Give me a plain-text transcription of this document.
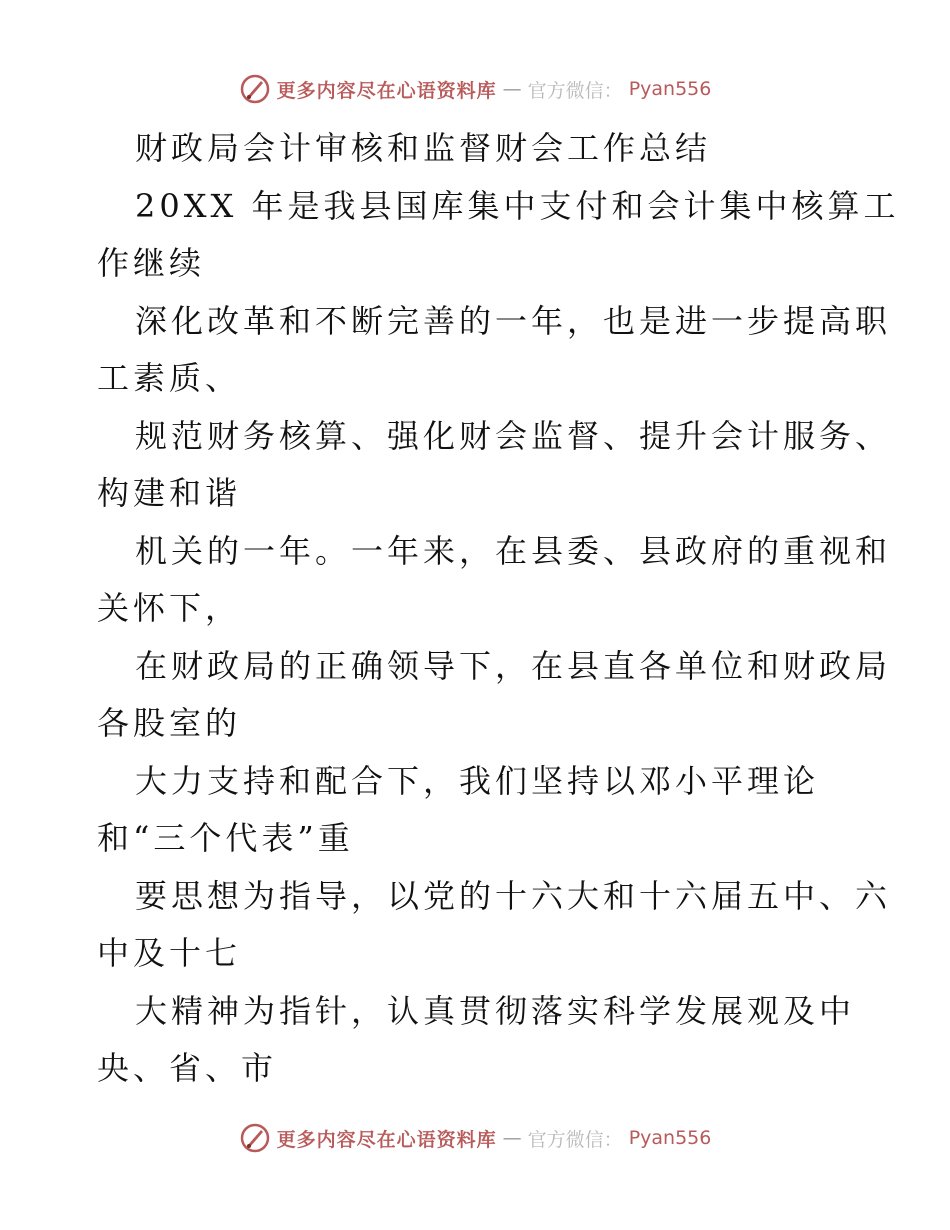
更多内容尽在心语资料库 — 官方微信： Pyan556
财政局会计审核和监督财会工作总结
20XX 年是我县国库集中支付和会计集中核算工
作继续
深化改革和不断完善的一年，也是进一步提高职
工素质、
规范财务核算、强化财会监督、提升会计服务、
构建和谐
机关的一年。一年来，在县委、县政府的重视和
关怀下，
在财政局的正确领导下，在县直各单位和财政局
各股室的
大力支持和配合下，我们坚持以邓小平理论
和“三个代表”重
要思想为指导，以党的十六大和十六届五中、六
中及十七
大精神为指针，认真贯彻落实科学发展观及中
央、省、市
更多内容尽在心语资料库 — 官方微信： Pyan556
